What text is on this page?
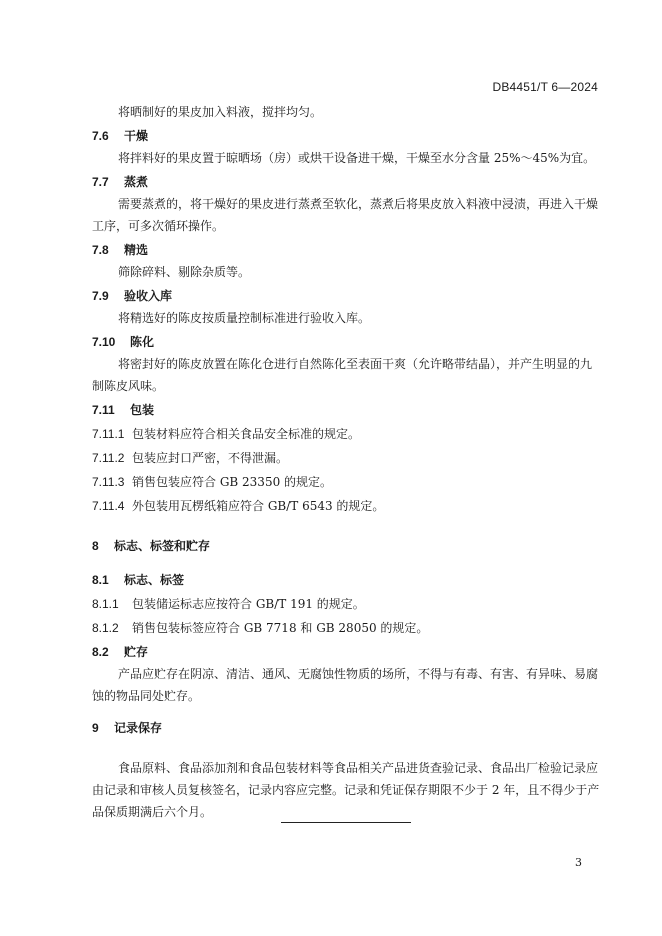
DB4451/T 6—2024
将晒制好的果皮加入料液，搅拌均匀。
7.6 干燥
将拌料好的果皮置于晾晒场（房）或烘干设备进干燥，干燥至水分含量 25%～45%为宜。
7.7 蒸煮
需要蒸煮的，将干燥好的果皮进行蒸煮至软化，蒸煮后将果皮放入料液中浸渍，再进入干燥工序，可多次循环操作。
7.8 精选
筛除碎料、剔除杂质等。
7.9 验收入库
将精选好的陈皮按质量控制标准进行验收入库。
7.10 陈化
将密封好的陈皮放置在陈化仓进行自然陈化至表面干爽（允许略带结晶），并产生明显的九制陈皮风味。
7.11 包装
7.11.1 包装材料应符合相关食品安全标准的规定。
7.11.2 包装应封口严密，不得泄漏。
7.11.3 销售包装应符合 GB 23350 的规定。
7.11.4 外包装用瓦楞纸箱应符合 GB/T 6543 的规定。
8 标志、标签和贮存
8.1 标志、标签
8.1.1 包装储运标志应按符合 GB/T 191 的规定。
8.1.2 销售包装标签应符合 GB 7718 和 GB 28050 的规定。
8.2 贮存
产品应贮存在阴凉、清洁、通风、无腐蚀性物质的场所，不得与有毒、有害、有异味、易腐蚀的物品同处贮存。
9 记录保存
食品原料、食品添加剂和食品包装材料等食品相关产品进货查验记录、食品出厂检验记录应由记录和审核人员复核签名，记录内容应完整。记录和凭证保存期限不少于 2 年，且不得少于产品保质期满后六个月。
3
